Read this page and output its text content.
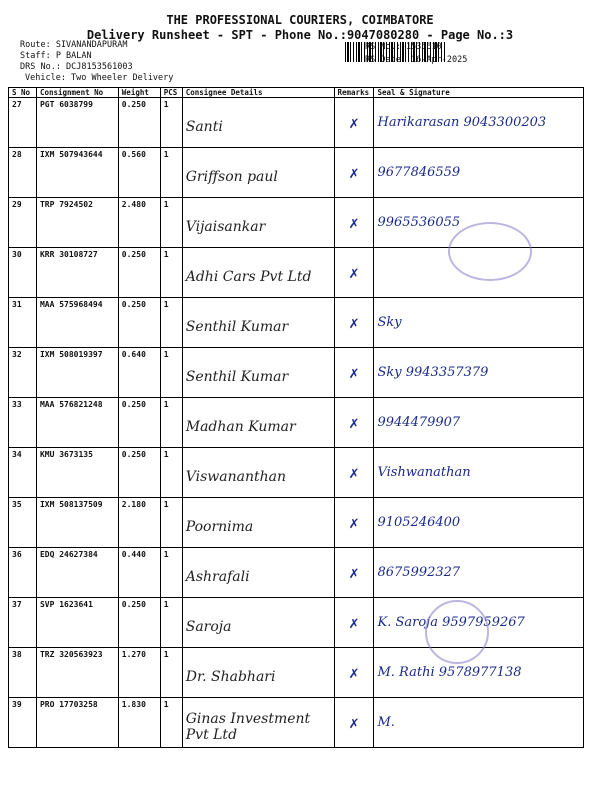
THE PROFESSIONAL COURIERS, COIMBATORE
Delivery Runsheet - SPT - Phone No.:9047080280 - Page No.:3
Route: SIVANANDAPURAM
Staff: P BALAN
DRS No.: DCJ8153561003
Vehicle: Two Wheeler Delivery
RS No.: 1535610
RS Date: 16-Apr-2025
S No	Consignment No	Weight	PCS	Consignee Details	Remarks	Seal & Signature
27	PGT 6038799	0.250	1	Santi	✗	Harikarasan 9043300203
28	IXM 507943644	0.560	1	Griffson paul	✗	9677846559
29	TRP 7924502	2.480	1	Vijaisankar	✗	9965536055
30	KRR 30108727	0.250	1	Adhi Cars Pvt Ltd	✗	
31	MAA 575968494	0.250	1	Senthil Kumar	✗	Sky
32	IXM 508019397	0.640	1	Senthil Kumar	✗	Sky 9943357379
33	MAA 576821248	0.250	1	Madhan Kumar	✗	9944479907
34	KMU 3673135	0.250	1	Viswananthan	✗	Vishwanathan
35	IXM 508137509	2.180	1	Poornima	✗	9105246400
36	EDQ 24627384	0.440	1	Ashrafali	✗	8675992327
37	SVP 1623641	0.250	1	Saroja	✗	K. Saroja 9597959267
38	TRZ 320563923	1.270	1	Dr. Shabhari	✗	M. Rathi 9578977138
39	PRO 17703258	1.830	1	Ginas Investment Pvt Ltd	✗	M.
